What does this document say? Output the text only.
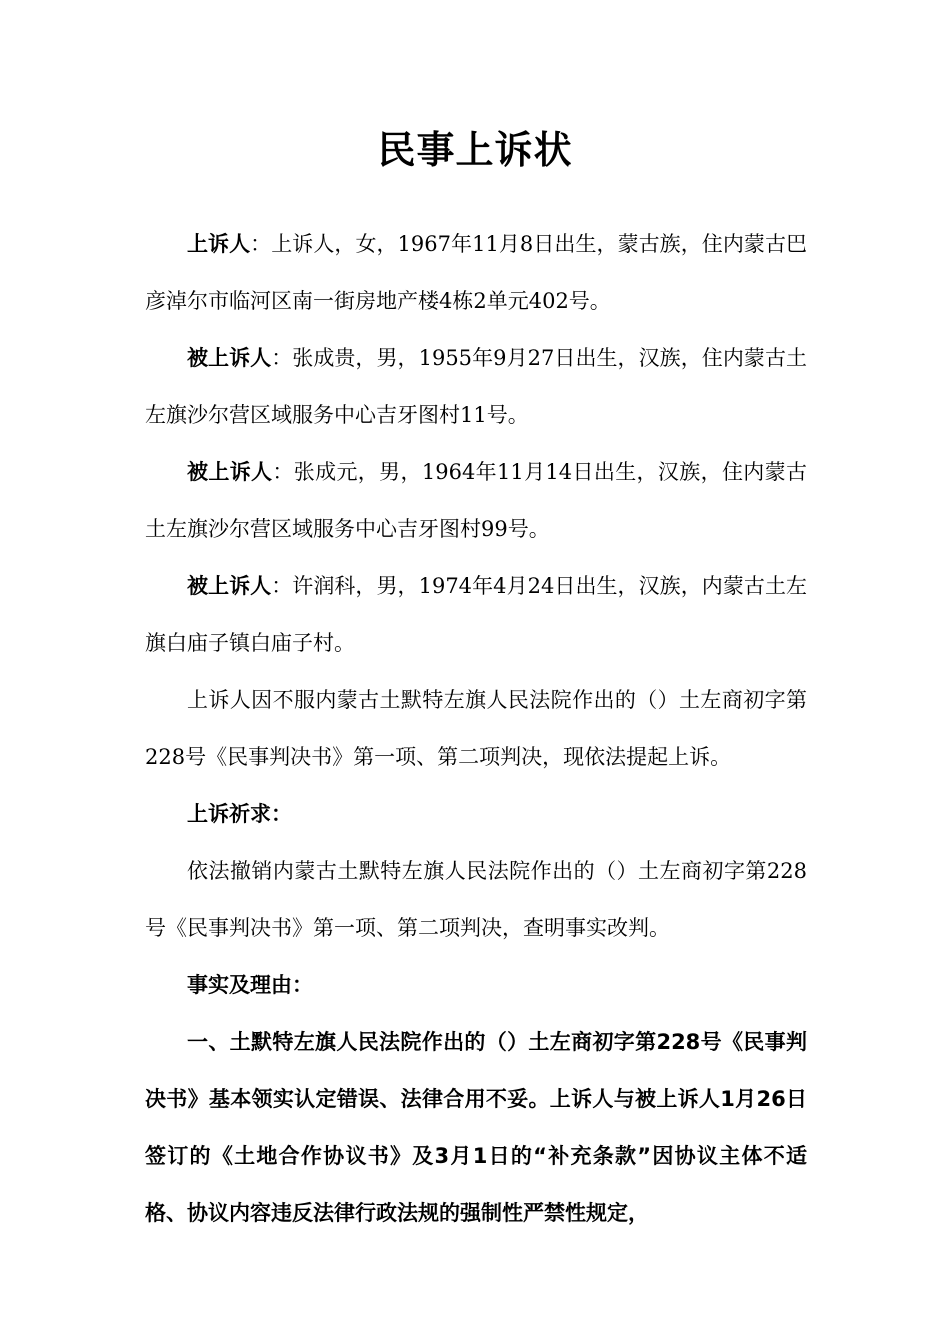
民事上诉状

上诉人：上诉人，女，1967年11月8日出生，蒙古族，住内蒙古巴彦淖尔市临河区南一街房地产楼4栋2单元402号。

被上诉人：张成贵，男，1955年9月27日出生，汉族，住内蒙古土左旗沙尔营区域服务中心吉牙图村11号。

被上诉人：张成元，男，1964年11月14日出生，汉族，住内蒙古土左旗沙尔营区域服务中心吉牙图村99号。

被上诉人：许润科，男，1974年4月24日出生，汉族，内蒙古土左旗白庙子镇白庙子村。

上诉人因不服内蒙古土默特左旗人民法院作出的（）土左商初字第228号《民事判决书》第一项、第二项判决，现依法提起上诉。

上诉祈求：

依法撤销内蒙古土默特左旗人民法院作出的（）土左商初字第228号《民事判决书》第一项、第二项判决，查明事实改判。

事实及理由：

一、土默特左旗人民法院作出的（）土左商初字第228号《民事判决书》基本领实认定错误、法律合用不妥。上诉人与被上诉人1月26日签订的《土地合作协议书》及3月1日的“补充条款”因协议主体不适格、协议内容违反法律行政法规的强制性严禁性规定，
